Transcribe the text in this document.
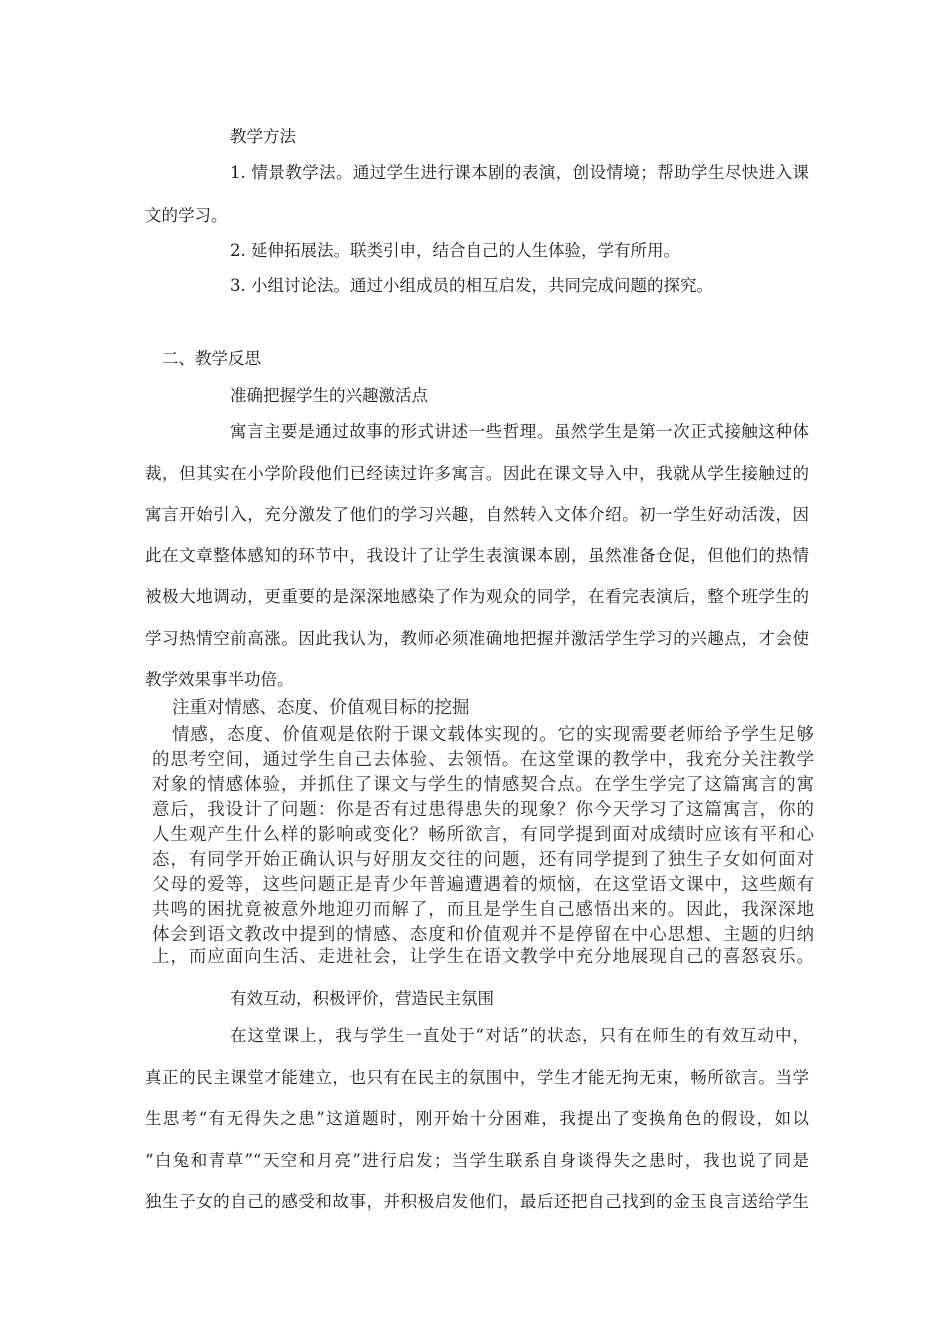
教学方法
1. 情景教学法。通过学生进行课本剧的表演，创设情境；帮助学生尽快进入课
文的学习。
2. 延伸拓展法。联类引申，结合自己的人生体验，学有所用。
3. 小组讨论法。通过小组成员的相互启发，共同完成问题的探究。
二、教学反思
准确把握学生的兴趣激活点
寓言主要是通过故事的形式讲述一些哲理。虽然学生是第一次正式接触这种体
裁，但其实在小学阶段他们已经读过许多寓言。因此在课文导入中，我就从学生接触过的
寓言开始引入，充分激发了他们的学习兴趣，自然转入文体介绍。初一学生好动活泼，因
此在文章整体感知的环节中，我设计了让学生表演课本剧，虽然准备仓促，但他们的热情
被极大地调动，更重要的是深深地感染了作为观众的同学，在看完表演后，整个班学生的
学习热情空前高涨。因此我认为，教师必须准确地把握并激活学生学习的兴趣点，才会使
教学效果事半功倍。
注重对情感、态度、价值观目标的挖掘
情感，态度、价值观是依附于课文载体实现的。它的实现需要老师给予学生足够
的思考空间，通过学生自己去体验、去领悟。在这堂课的教学中，我充分关注教学
对象的情感体验，并抓住了课文与学生的情感契合点。在学生学完了这篇寓言的寓
意后，我设计了问题：你是否有过患得患失的现象？你今天学习了这篇寓言，你的
人生观产生什么样的影响或变化？畅所欲言，有同学提到面对成绩时应该有平和心
态，有同学开始正确认识与好朋友交往的问题，还有同学提到了独生子女如何面对
父母的爱等，这些问题正是青少年普遍遭遇着的烦恼，在这堂语文课中，这些颇有
共鸣的困扰竟被意外地迎刃而解了，而且是学生自己感悟出来的。因此，我深深地
体会到语文教改中提到的情感、态度和价值观并不是停留在中心思想、主题的归纳
上，而应面向生活、走进社会，让学生在语文教学中充分地展现自己的喜怒哀乐。
有效互动，积极评价，营造民主氛围
在这堂课上，我与学生一直处于“对话”的状态，只有在师生的有效互动中，
真正的民主课堂才能建立，也只有在民主的氛围中，学生才能无拘无束，畅所欲言。当学
生思考“有无得失之患”这道题时，刚开始十分困难，我提出了变换角色的假设，如以
“白兔和青草”“天空和月亮”进行启发；当学生联系自身谈得失之患时，我也说了同是
独生子女的自己的感受和故事，并积极启发他们，最后还把自己找到的金玉良言送给学生
